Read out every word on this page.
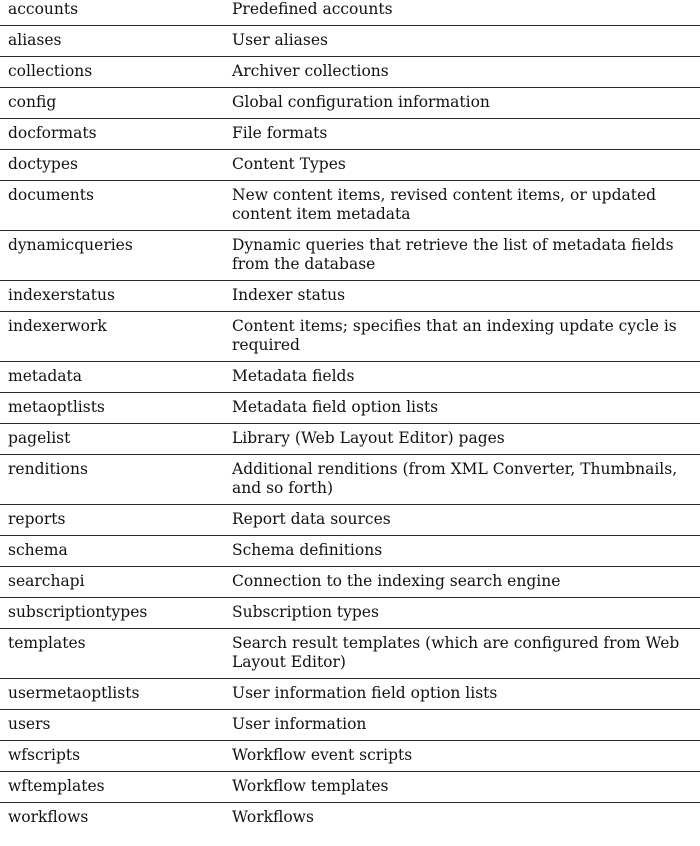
accounts	Predefined accounts
aliases	User aliases
collections	Archiver collections
config	Global configuration information
docformats	File formats
doctypes	Content Types
documents	New content items, revised content items, or updated content item metadata
dynamicqueries	Dynamic queries that retrieve the list of metadata fields from the database
indexerstatus	Indexer status
indexerwork	Content items; specifies that an indexing update cycle is required
metadata	Metadata fields
metaoptlists	Metadata field option lists
pagelist	Library (Web Layout Editor) pages
renditions	Additional renditions (from XML Converter, Thumbnails, and so forth)
reports	Report data sources
schema	Schema definitions
searchapi	Connection to the indexing search engine
subscriptiontypes	Subscription types
templates	Search result templates (which are configured from Web Layout Editor)
usermetaoptlists	User information field option lists
users	User information
wfscripts	Workflow event scripts
wftemplates	Workflow templates
workflows	Workflows
